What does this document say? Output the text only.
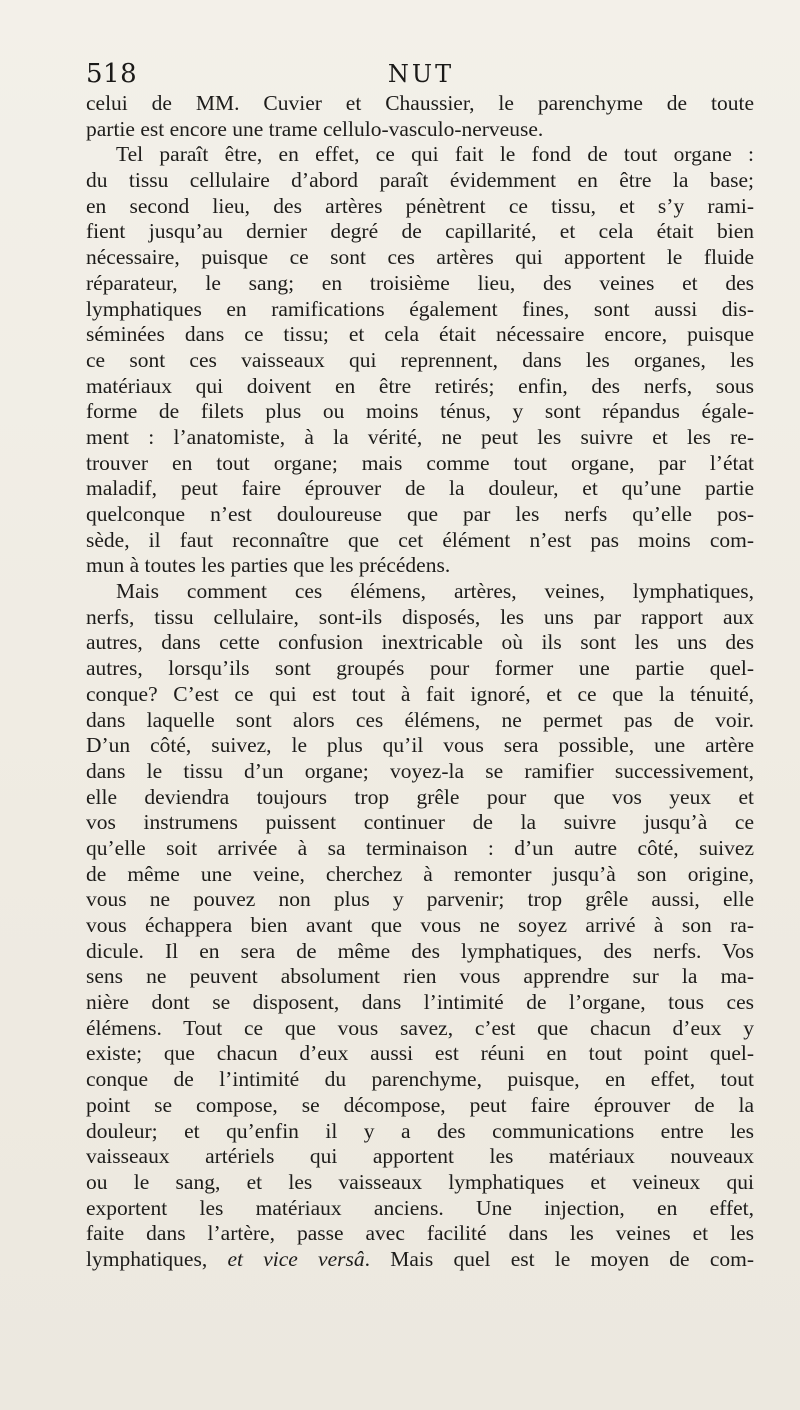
518	NUT
celui de MM. Cuvier et Chaussier, le parenchyme de toute
partie est encore une trame cellulo-vasculo-nerveuse.
Tel paraît être, en effet, ce qui fait le fond de tout organe :
du tissu cellulaire d’abord paraît évidemment en être la base;
en second lieu, des artères pénètrent ce tissu, et s’y rami-
fient jusqu’au dernier degré de capillarité, et cela était bien
nécessaire, puisque ce sont ces artères qui apportent le fluide
réparateur, le sang; en troisième lieu, des veines et des
lymphatiques en ramifications également fines, sont aussi dis-
séminées dans ce tissu; et cela était nécessaire encore, puisque
ce sont ces vaisseaux qui reprennent, dans les organes, les
matériaux qui doivent en être retirés; enfin, des nerfs, sous
forme de filets plus ou moins ténus, y sont répandus égale-
ment : l’anatomiste, à la vérité, ne peut les suivre et les re-
trouver en tout organe; mais comme tout organe, par l’état
maladif, peut faire éprouver de la douleur, et qu’une partie
quelconque n’est douloureuse que par les nerfs qu’elle pos-
sède, il faut reconnaître que cet élément n’est pas moins com-
mun à toutes les parties que les précédens.
Mais comment ces élémens, artères, veines, lymphatiques,
nerfs, tissu cellulaire, sont-ils disposés, les uns par rapport aux
autres, dans cette confusion inextricable où ils sont les uns des
autres, lorsqu’ils sont groupés pour former une partie quel-
conque? C’est ce qui est tout à fait ignoré, et ce que la ténuité,
dans laquelle sont alors ces élémens, ne permet pas de voir.
D’un côté, suivez, le plus qu’il vous sera possible, une artère
dans le tissu d’un organe; voyez-la se ramifier successivement,
elle deviendra toujours trop grêle pour que vos yeux et
vos instrumens puissent continuer de la suivre jusqu’à ce
qu’elle soit arrivée à sa terminaison : d’un autre côté, suivez
de même une veine, cherchez à remonter jusqu’à son origine,
vous ne pouvez non plus y parvenir; trop grêle aussi, elle
vous échappera bien avant que vous ne soyez arrivé à son ra-
dicule. Il en sera de même des lymphatiques, des nerfs. Vos
sens ne peuvent absolument rien vous apprendre sur la ma-
nière dont se disposent, dans l’intimité de l’organe, tous ces
élémens. Tout ce que vous savez, c’est que chacun d’eux y
existe; que chacun d’eux aussi est réuni en tout point quel-
conque de l’intimité du parenchyme, puisque, en effet, tout
point se compose, se décompose, peut faire éprouver de la
douleur; et qu’enfin il y a des communications entre les
vaisseaux artériels qui apportent les matériaux nouveaux
ou le sang, et les vaisseaux lymphatiques et veineux qui
exportent les matériaux anciens. Une injection, en effet,
faite dans l’artère, passe avec facilité dans les veines et les
lymphatiques, et vice versâ. Mais quel est le moyen de com-
